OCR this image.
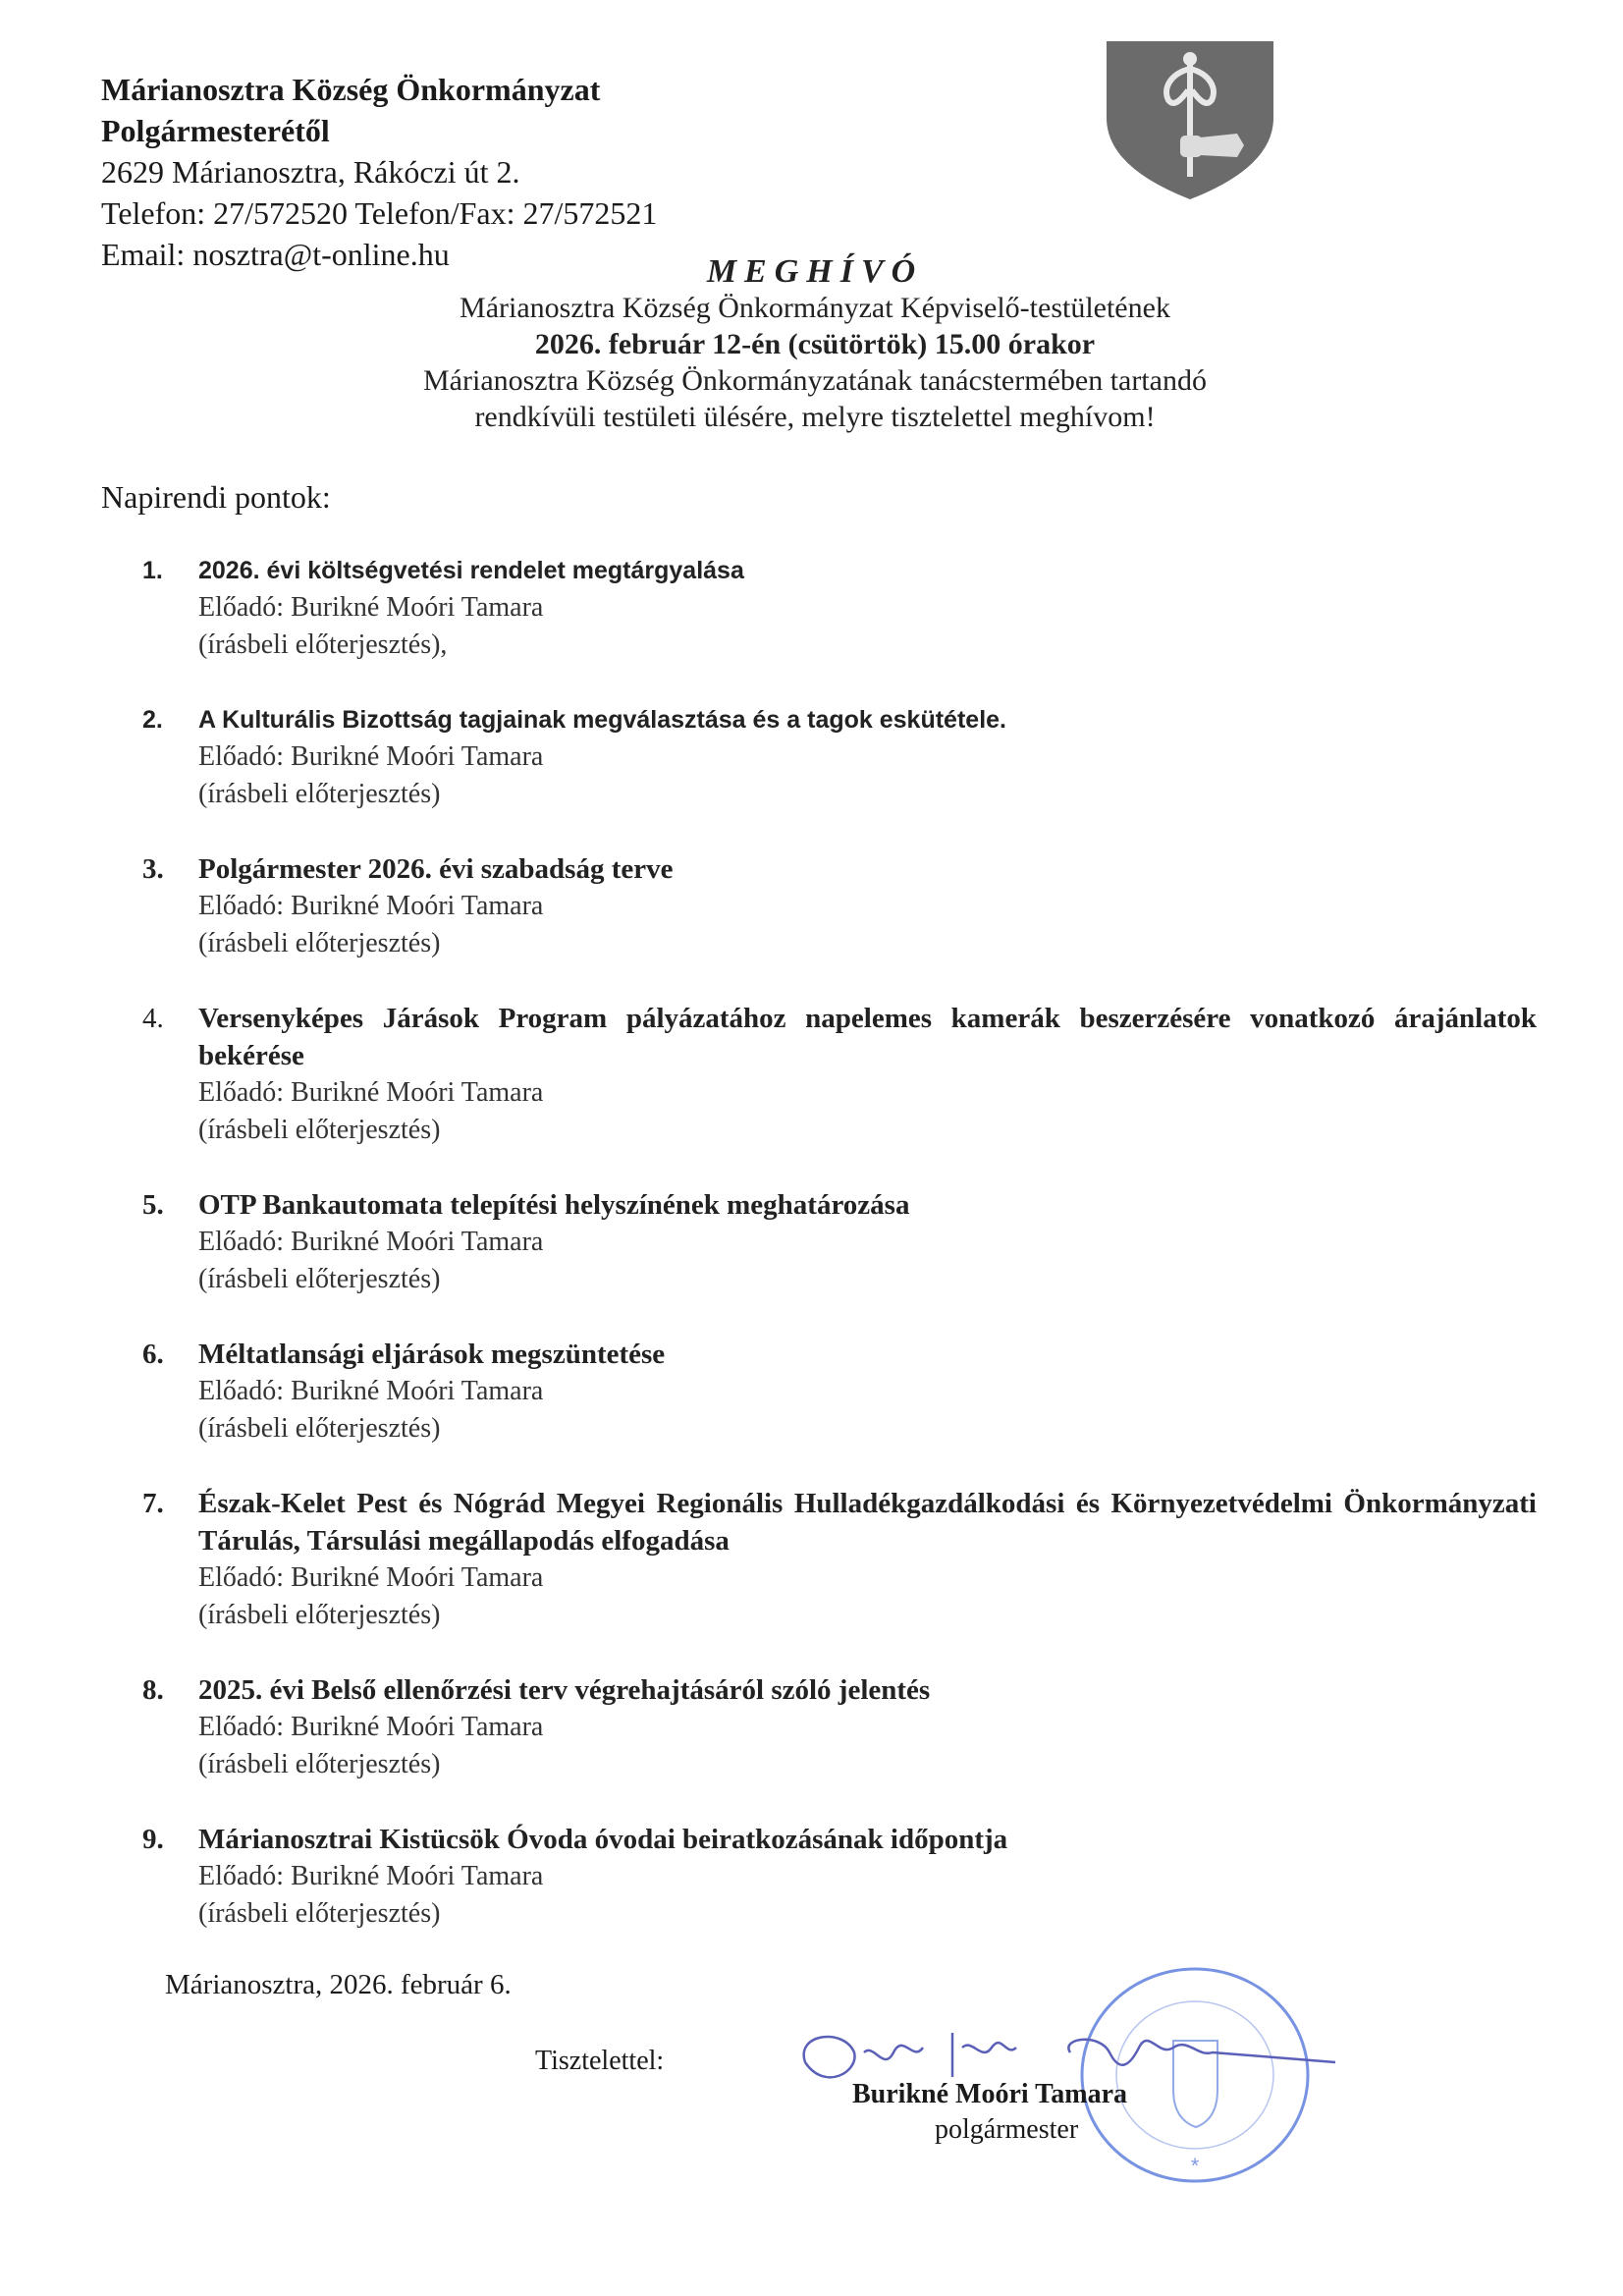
Márianosztra Község Önkormányzat
Polgármesterétől
2629 Márianosztra, Rákóczi út 2.
Telefon: 27/572520 Telefon/Fax: 27/572521
Email: nosztra@t-online.hu	MEGHÍVÓ
Márianosztra Község Önkormányzat Képviselő-testületének
2026. február 12-én (csütörtök) 15.00 órakor
Márianosztra Község Önkormányzatának tanácstermében tartandó
rendkívüli testületi ülésére, melyre tisztelettel meghívom!
Napirendi pontok:
1. 2026. évi költségvetési rendelet megtárgyalása
Előadó: Burikné Moóri Tamara
(írásbeli előterjesztés),
2. A Kulturális Bizottság tagjainak megválasztása és a tagok eskütétele.
Előadó: Burikné Moóri Tamara
(írásbeli előterjesztés)
3. Polgármester 2026. évi szabadság terve
Előadó: Burikné Moóri Tamara
(írásbeli előterjesztés)
4. Versenyképes Járások Program pályázatához napelemes kamerák beszerzésére vonatkozó árajánlatok bekérése
Előadó: Burikné Moóri Tamara
(írásbeli előterjesztés)
5. OTP Bankautomata telepítési helyszínének meghatározása
Előadó: Burikné Moóri Tamara
(írásbeli előterjesztés)
6. Méltatlansági eljárások megszüntetése
Előadó: Burikné Moóri Tamara
(írásbeli előterjesztés)
7. Észak-Kelet Pest és Nógrád Megyei Regionális Hulladékgazdálkodási és Környezetvédelmi Önkormányzati Tárulás, Társulási megállapodás elfogadása
Előadó: Burikné Moóri Tamara
(írásbeli előterjesztés)
8. 2025. évi Belső ellenőrzési terv végrehajtásáról szóló jelentés
Előadó: Burikné Moóri Tamara
(írásbeli előterjesztés)
9. Márianosztrai Kistücsök Óvoda óvodai beiratkozásának időpontja
Előadó: Burikné Moóri Tamara
(írásbeli előterjesztés)
Márianosztra, 2026. február 6.
Tisztelettel:
*
Burikné Moóri Tamara
polgármester
